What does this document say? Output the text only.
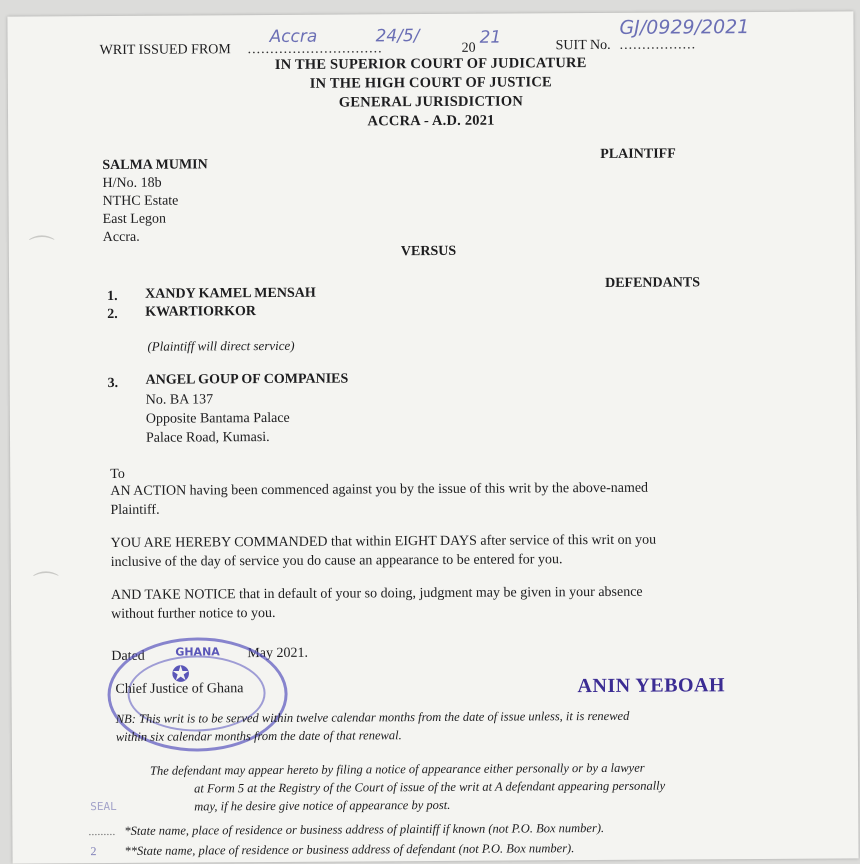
WRIT ISSUED FROM ..............................
Accra	24/5/
20
21	SUIT No. .................
GJ/0929/2021
IN THE SUPERIOR COURT OF JUDICATURE
IN THE HIGH COURT OF JUSTICE
GENERAL JURISDICTION
ACCRA - A.D. 2021
SALMA MUMIN
H/No. 18b
NTHC Estate
East Legon
Accra.
PLAINTIFF
VERSUS
DEFENDANTS
1. XANDY KAMEL MENSAH
2. KWARTIORKOR
(Plaintiff will direct service)
3. ANGEL GOUP OF COMPANIES
No. BA 137
Opposite Bantama Palace
Palace Road, Kumasi.
To
AN ACTION having been commenced against you by the issue of this writ by the above-named
Plaintiff.
YOU ARE HEREBY COMMANDED that within EIGHT DAYS after service of this writ on you
inclusive of the day of service you do cause an appearance to be entered for you.
AND TAKE NOTICE that in default of your so doing, judgment may be given in your absence
without further notice to you.
Dated	May 2021.
GHANA
✪
Chief Justice of Ghana	ANIN YEBOAH
NB: This writ is to be served within twelve calendar months from the date of issue unless, it is renewed
within six calendar months from the date of that renewal.
The defendant may appear hereto by filing a notice of appearance either personally or by a lawyer
at Form 5 at the Registry of the Court of issue of the writ at A defendant appearing personally
may, if he desire give notice of appearance by post.
SEAL
......... *State name, place of residence or business address of plaintiff if known (not P.O. Box number).
2 **State name, place of residence or business address of defendant (not P.O. Box number).
⌒
⌒
